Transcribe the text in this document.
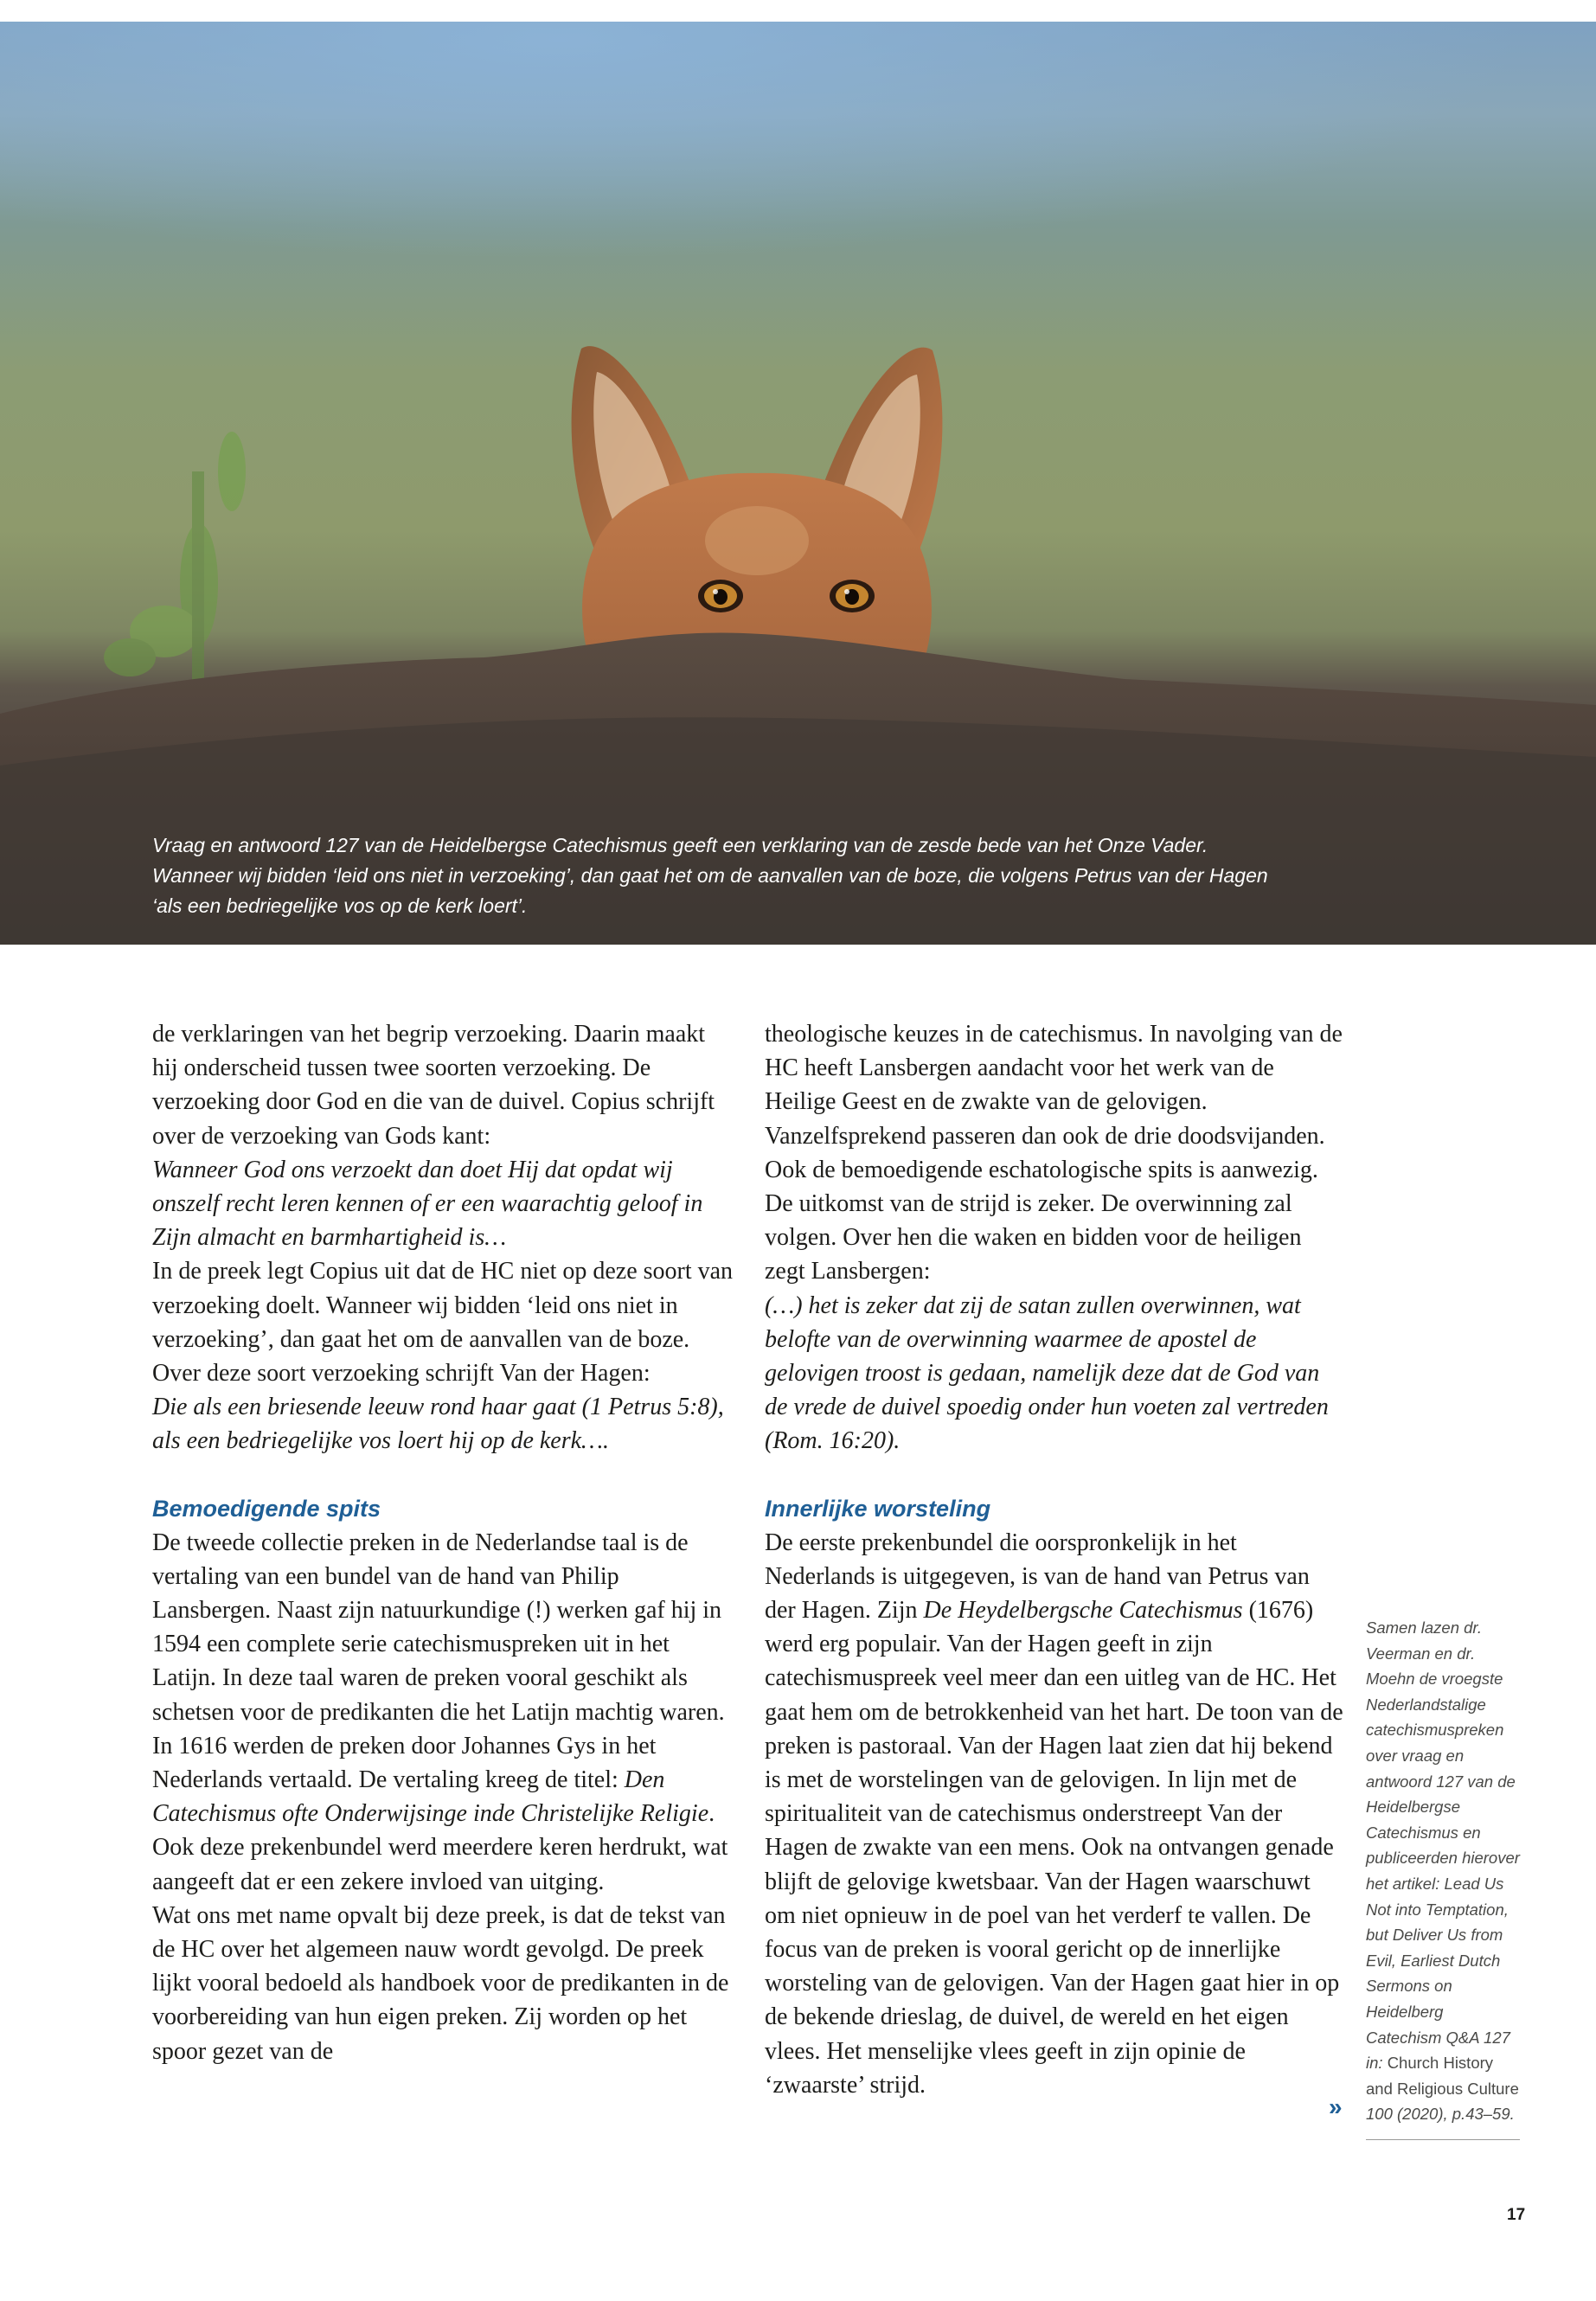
Vraag en antwoord 127 van de Heidelbergse Catechismus geeft een verklaring van de zesde bede van het Onze Vader. Wanneer wij bidden ‘leid ons niet in verzoeking’, dan gaat het om de aanvallen van de boze, die volgens Petrus van der Hagen ‘als een bedriegelijke vos op de kerk loert’.

de verklaringen van het begrip verzoeking. Daarin maakt hij onderscheid tussen twee soorten verzoeking. De verzoeking door God en die van de duivel. Copius schrijft over de verzoeking van Gods kant:

Wanneer God ons verzoekt dan doet Hij dat opdat wij onszelf recht leren kennen of er een waarachtig geloof in Zijn almacht en barmhartigheid is…

In de preek legt Copius uit dat de HC niet op deze soort van verzoeking doelt. Wanneer wij bidden ‘leid ons niet in verzoeking’, dan gaat het om de aanvallen van de boze. Over deze soort verzoeking schrijft Van der Hagen:

Die als een briesende leeuw rond haar gaat (1 Petrus 5:8), als een bedriegelijke vos loert hij op de kerk….

Bemoedigende spits

De tweede collectie preken in de Nederlandse taal is de vertaling van een bundel van de hand van Philip Lansbergen. Naast zijn natuurkundige (!) werken gaf hij in 1594 een complete serie catechismuspreken uit in het Latijn. In deze taal waren de preken vooral geschikt als schetsen voor de predikanten die het Latijn machtig waren. In 1616 werden de preken door Johannes Gys in het Nederlands vertaald. De vertaling kreeg de titel: Den Catechismus ofte Onderwijsinge inde Christelijke Religie. Ook deze prekenbundel werd meerdere keren herdrukt, wat aangeeft dat er een zekere invloed van uitging.

Wat ons met name opvalt bij deze preek, is dat de tekst van de HC over het algemeen nauw wordt gevolgd. De preek lijkt vooral bedoeld als handboek voor de predikanten in de voorbereiding van hun eigen preken. Zij worden op het spoor gezet van de

theologische keuzes in de catechismus. In navolging van de HC heeft Lansbergen aandacht voor het werk van de Heilige Geest en de zwakte van de gelovigen. Vanzelfsprekend passeren dan ook de drie doodsvijanden. Ook de bemoedigende eschatologische spits is aanwezig. De uitkomst van de strijd is zeker. De overwinning zal volgen. Over hen die waken en bidden voor de heiligen zegt Lansbergen:

(…) het is zeker dat zij de satan zullen overwinnen, wat belofte van de overwinning waarmee de apostel de gelovigen troost is gedaan, namelijk deze dat de God van de vrede de duivel spoedig onder hun voeten zal vertreden (Rom. 16:20).

Innerlijke worsteling

De eerste prekenbundel die oorspronkelijk in het Nederlands is uitgegeven, is van de hand van Petrus van der Hagen. Zijn De Heydelbergsche Catechismus (1676) werd erg populair. Van der Hagen geeft in zijn catechismuspreek veel meer dan een uitleg van de HC. Het gaat hem om de betrokkenheid van het hart. De toon van de preken is pastoraal. Van der Hagen laat zien dat hij bekend is met de worstelingen van de gelovigen. In lijn met de spiritualiteit van de catechismus onderstreept Van der Hagen de zwakte van een mens. Ook na ontvangen genade blijft de gelovige kwetsbaar. Van der Hagen waarschuwt om niet opnieuw in de poel van het verderf te vallen. De focus van de preken is vooral gericht op de innerlijke worsteling van de gelovigen. Van der Hagen gaat hier in op de bekende drieslag, de duivel, de wereld en het eigen vlees. Het menselijke vlees geeft in zijn opinie de ‘zwaarste’ strijd.

»

Samen lazen dr. Veerman en dr. Moehn de vroegste Nederlandstalige catechismuspreken over vraag en antwoord 127 van de Heidelbergse Catechismus en publiceerden hierover het artikel: Lead Us Not into Temptation, but Deliver Us from Evil, Earliest Dutch Sermons on Heidelberg Catechism Q&A 127 in: Church History and Religious Culture 100 (2020), p.43–59.

17
